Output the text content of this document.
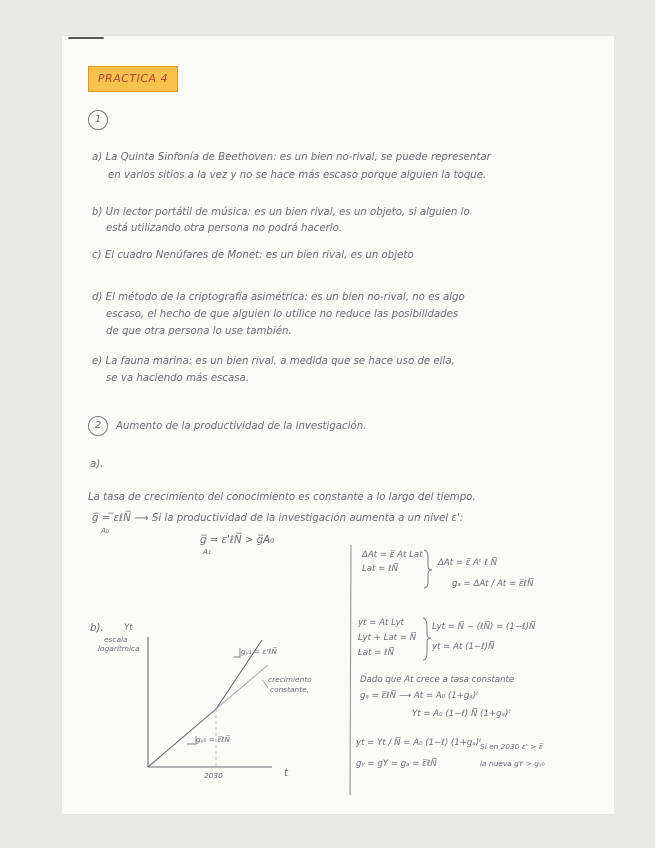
PRACTICA 4
1
a) La Quinta Sinfonía de Beethoven: es un bien no-rival, se puede representar
en varios sitios a la vez y no se hace más escaso porque alguien la toque.
b) Un lector portátil de música: es un bien rival, es un objeto, si alguien lo
está utilizando otra persona no podrá hacerlo.
c) El cuadro Nenúfares de Monet: es un bien rival, es un objeto
d) El método de la criptografía asimétrica: es un bien no-rival, no es algo
escaso, el hecho de que alguien lo utilice no reduce las posibilidades
de que otra persona lo use también.
e) La fauna marina: es un bien rival, a medida que se hace uso de ella,
se va haciendo más escasa.
2	Aumento de la productividad de la investigación.
a).
La tasa de crecimiento del conocimiento es constante a lo largo del tiempo.
g̅ = ̅εℓN̅ ⟶ Si la productividad de la investigación aumenta a un nivel ε':
A₀
g̅ = ε'ℓN̅ > g̅A₀
A₁	ΔAt = ε̅ At Lat
Lat = ℓN̅
ΔAt = ε̅ Aᵗ ℓ N̅
gₐ = ΔAt / At = ε̅ℓN̅
yt = At Lyt
Lyt + Lat = N̅
Lat = ℓN̅
Lyt = N̅ − (ℓN̅) = (1−ℓ)N̅
yt = At (1−ℓ)N̅
Dado que At crece a tasa constante
gₐ = ε̅ℓN̅ ⟶ At = A₀ (1+gₐ)ᵗ
Yt = A₀ (1−ℓ) N̅ (1+gₐ)ᵗ
yt = Yt / N̅ = A₀ (1−ℓ) (1+gₐ)ᵗ
gᵧ = gY = gₐ = ε̅ℓN̅
Si en 2030 ε' > ε̅
la nueva gY > gᵧ₀
b). Yt
escala
logarítmica
t
2030
gᵧ₀ = ε̅ℓN̅
gᵧ₁ = ε'ℓN̅
crecimiento
constante.
